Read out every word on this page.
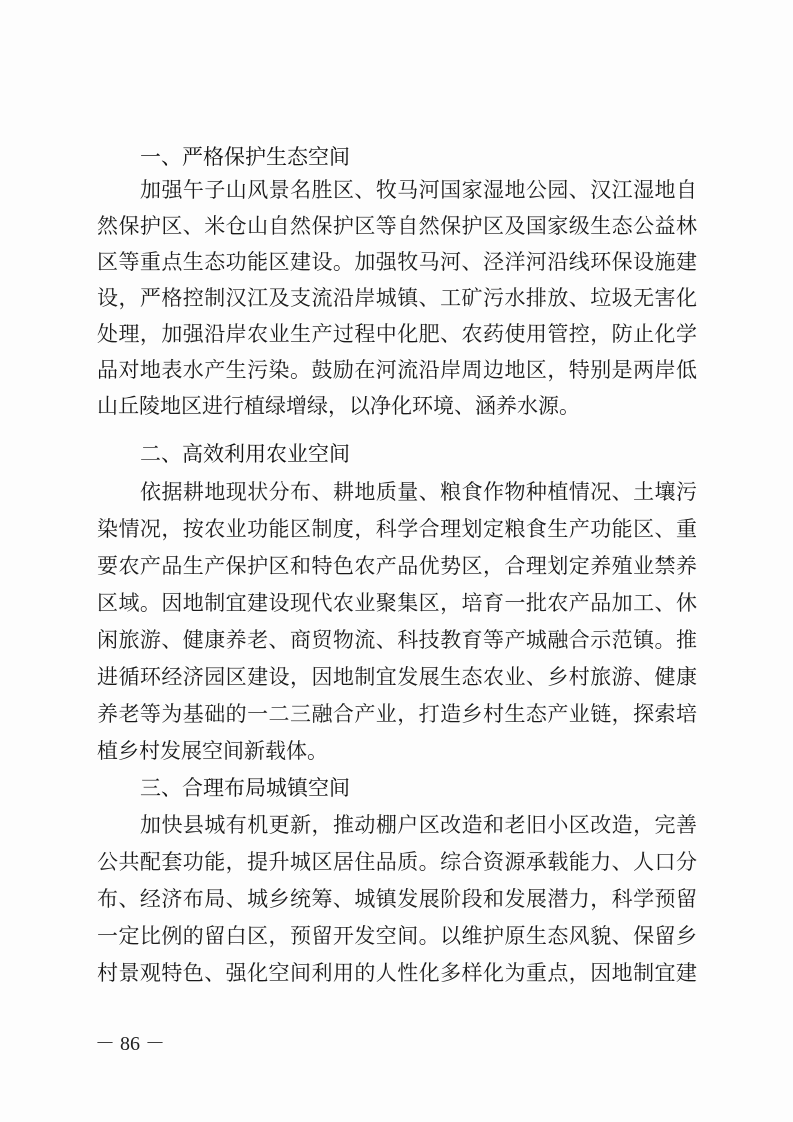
一、严格保护生态空间
加强午子山风景名胜区、牧马河国家湿地公园、汉江湿地自
然保护区、米仓山自然保护区等自然保护区及国家级生态公益林
区等重点生态功能区建设。加强牧马河、泾洋河沿线环保设施建
设，严格控制汉江及支流沿岸城镇、工矿污水排放、垃圾无害化
处理，加强沿岸农业生产过程中化肥、农药使用管控，防止化学
品对地表水产生污染。鼓励在河流沿岸周边地区，特别是两岸低
山丘陵地区进行植绿增绿，以净化环境、涵养水源。
二、高效利用农业空间
依据耕地现状分布、耕地质量、粮食作物种植情况、土壤污
染情况，按农业功能区制度，科学合理划定粮食生产功能区、重
要农产品生产保护区和特色农产品优势区，合理划定养殖业禁养
区域。因地制宜建设现代农业聚集区，培育一批农产品加工、休
闲旅游、健康养老、商贸物流、科技教育等产城融合示范镇。推
进循环经济园区建设，因地制宜发展生态农业、乡村旅游、健康
养老等为基础的一二三融合产业，打造乡村生态产业链，探索培
植乡村发展空间新载体。
三、合理布局城镇空间
加快县城有机更新，推动棚户区改造和老旧小区改造，完善
公共配套功能，提升城区居住品质。综合资源承载能力、人口分
布、经济布局、城乡统筹、城镇发展阶段和发展潜力，科学预留
一定比例的留白区，预留开发空间。以维护原生态风貌、保留乡
村景观特色、强化空间利用的人性化多样化为重点，因地制宜建
－ 86 －
